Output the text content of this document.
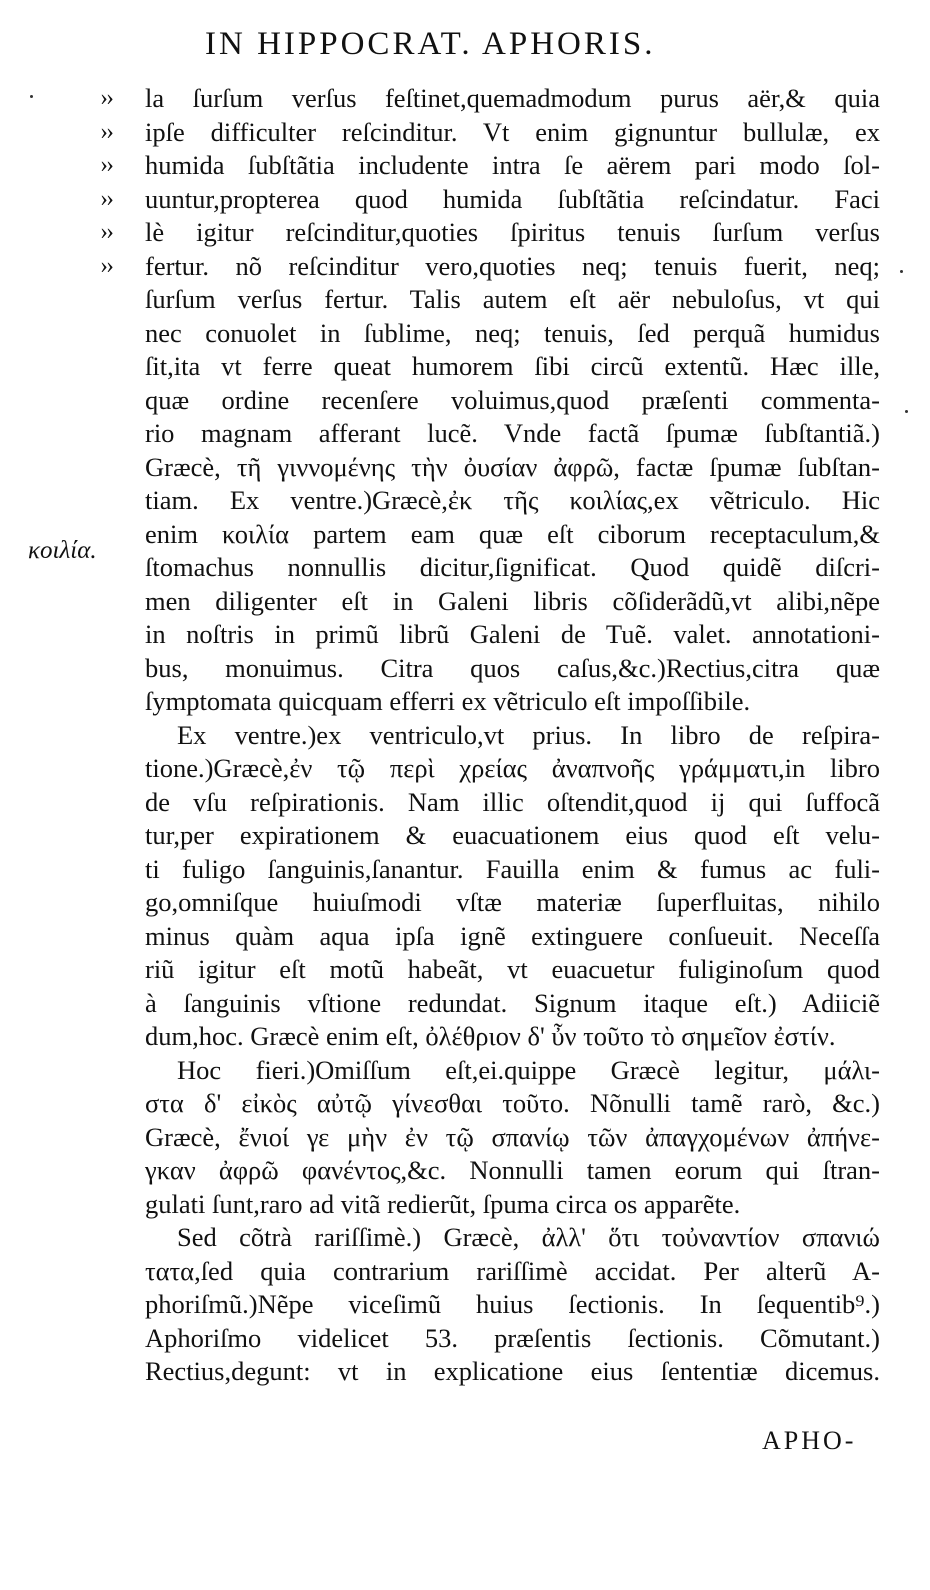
IN HIPPOCRAT. APHORIS.
κοιλία.
›› la ſurſum verſus feſtinet,quemadmodum purus aër,& quia
›› ipſe difficulter reſcinditur. Vt enim gignuntur bullulæ, ex
›› humida ſubſtãtia includente intra ſe aërem pari modo ſol-
›› uuntur,propterea quod humida ſubſtãtia reſcindatur. Faci
›› lè igitur reſcinditur,quoties ſpiritus tenuis ſurſum verſus
›› fertur. nõ reſcinditur vero,quoties neq; tenuis fuerit, neq;
ſurſum verſus fertur. Talis autem eſt aër nebuloſus, vt qui
nec conuolet in ſublime, neq; tenuis, ſed perquã humidus
ſit,ita vt ferre queat humorem ſibi circũ extentũ. Hæc ille,
quæ ordine recenſere voluimus,quod præſenti commenta-
rio magnam afferant lucẽ. Vnde factã ſpumæ ſubſtantiã.)
Græcè, τῆ γιννομένης τὴν ὀυσίαν ἀφρῶ, factæ ſpumæ ſubſtan-
tiam. Ex ventre.)Græcè,ἐκ τῆς κοιλίας,ex vẽtriculo. Hic
enim κοιλία partem eam quæ eſt ciborum receptaculum,&
ſtomachus nonnullis dicitur,ſignificat. Quod quidẽ diſcri-
men diligenter eſt in Galeni libris cõſiderãdũ,vt alibi,nẽpe
in noſtris in primũ librũ Galeni de Tuẽ. valet. annotationi-
bus, monuimus. Citra quos caſus,&c.)Rectius,citra quæ
ſymptomata quicquam efferri ex vẽtriculo eſt impoſſibile.
Ex ventre.)ex ventriculo,vt prius. In libro de reſpira-
tione.)Græcè,ἐν τῷ περὶ χρείας ἀναπνοῆς γράμματι,in libro
de vſu reſpirationis. Nam illic oſtendit,quod ij qui ſuffocã
tur,per expirationem & euacuationem eius quod eſt velu-
ti fuligo ſanguinis,ſanantur. Fauilla enim & fumus ac fuli-
go,omniſque huiuſmodi vſtæ materiæ ſuperfluitas, nihilo
minus quàm aqua ipſa ignẽ extinguere conſueuit. Neceſſa
riũ igitur eſt motũ habeãt, vt euacuetur fuliginoſum quod
à ſanguinis vſtione redundat. Signum itaque eſt.) Adiiciẽ
dum,hoc. Græcè enim eſt, ὀλέθριον δ' ὖν τοῦτο τὸ σημεῖον ἐστίν.
Hoc fieri.)Omiſſum eſt,ei.quippe Græcè legitur, μάλι-
στα δ' εἰκὸς αὐτῷ γίνεσθαι τοῦτο. Nõnulli tamẽ rarò, &c.)
Græcè, ἔνιοί γε μὴν ἐν τῷ σπανίῳ τῶν ἀπαγχομένων ἀπήνε-
γκαν ἀφρῶ φανέντος,&c. Nonnulli tamen eorum qui ſtran-
gulati ſunt,raro ad vitã redierũt, ſpuma circa os apparẽte.
Sed cõtrà rariſſimè.) Græcè, ἀλλ' ὅτι τοὐναντίον σπανιώ
τατα,ſed quia contrarium rariſſimè accidat. Per alterũ A-
phoriſmũ.)Nẽpe viceſimũ huius ſectionis. In ſequentib⁹.)
Aphoriſmo videlicet 53. præſentis ſectionis. Cõmutant.)
Rectius,degunt: vt in explicatione eius ſententiæ dicemus.
APHO-
